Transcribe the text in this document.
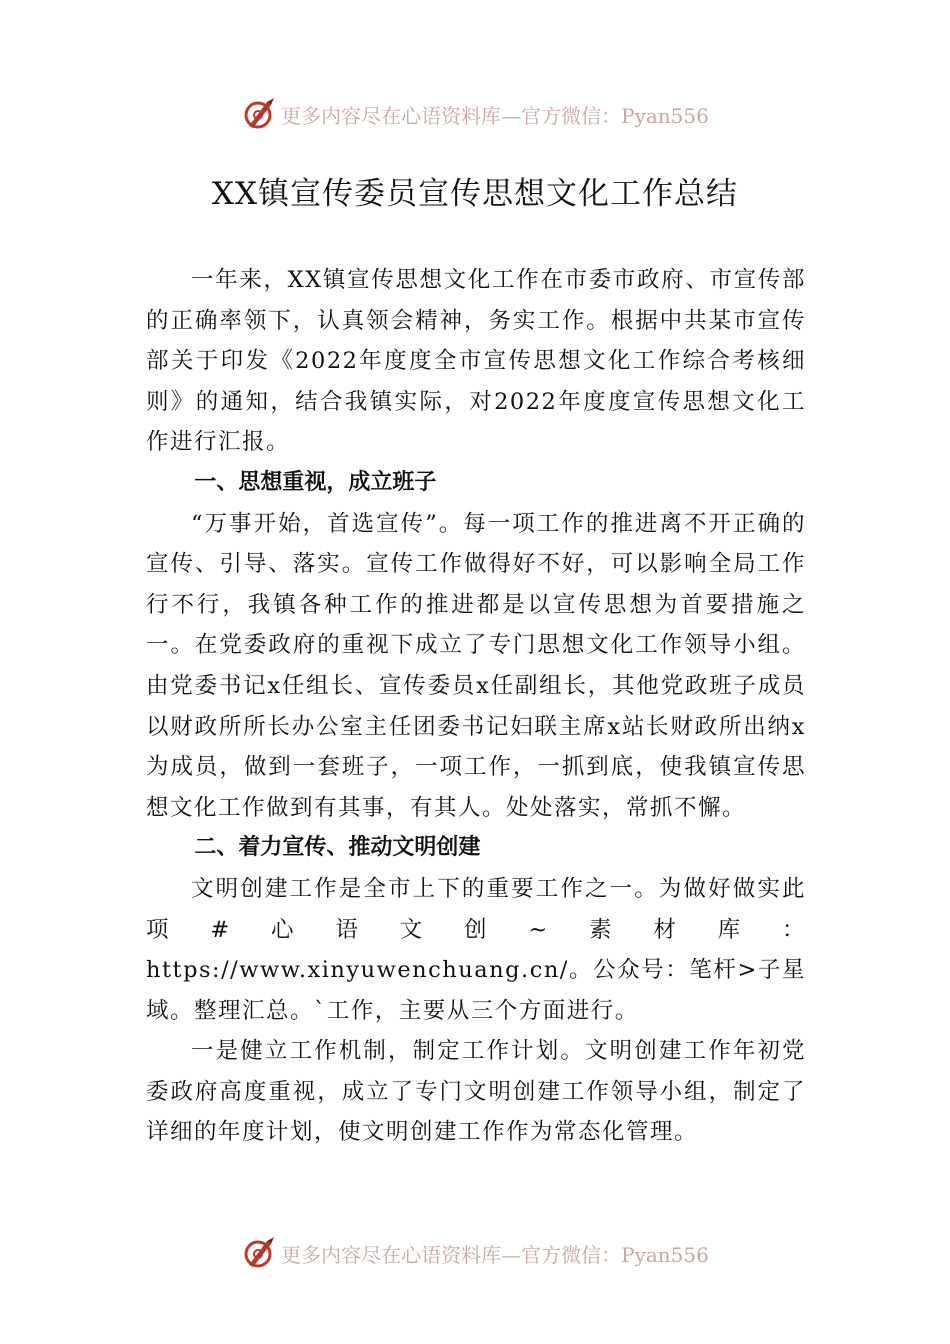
更多内容尽在心语资料库—官方微信：Pyan556
XX镇宣传委员宣传思想文化工作总结

一年来，XX镇宣传思想文化工作在市委市政府、市宣传部的正确率领下，认真领会精神，务实工作。根据中共某市宣传部关于印发《2022年度度全市宣传思想文化工作综合考核细则》的通知，结合我镇实际，对2022年度度宣传思想文化工作进行汇报。

一、思想重视，成立班子

“万事开始，首选宣传”。每一项工作的推进离不开正确的宣传、引导、落实。宣传工作做得好不好，可以影响全局工作行不行，我镇各种工作的推进都是以宣传思想为首要措施之一。在党委政府的重视下成立了专门思想文化工作领导小组。由党委书记x任组长、宣传委员x任副组长，其他党政班子成员以财政所所长办公室主任团委书记妇联主席x站长财政所出纳x为成员，做到一套班子，一项工作，一抓到底，使我镇宣传思想文化工作做到有其事，有其人。处处落实，常抓不懈。

二、着力宣传、推动文明创建

文明创建工作是全市上下的重要工作之一。为做好做实此项#心语文创~素材库：https://www.xinyuwenchuang.cn/。公众号：笔杆>子星域。整理汇总。`工作，主要从三个方面进行。

一是健立工作机制，制定工作计划。文明创建工作年初党委政府高度重视，成立了专门文明创建工作领导小组，制定了详细的年度计划，使文明创建工作作为常态化管理。

更多内容尽在心语资料库—官方微信：Pyan556
